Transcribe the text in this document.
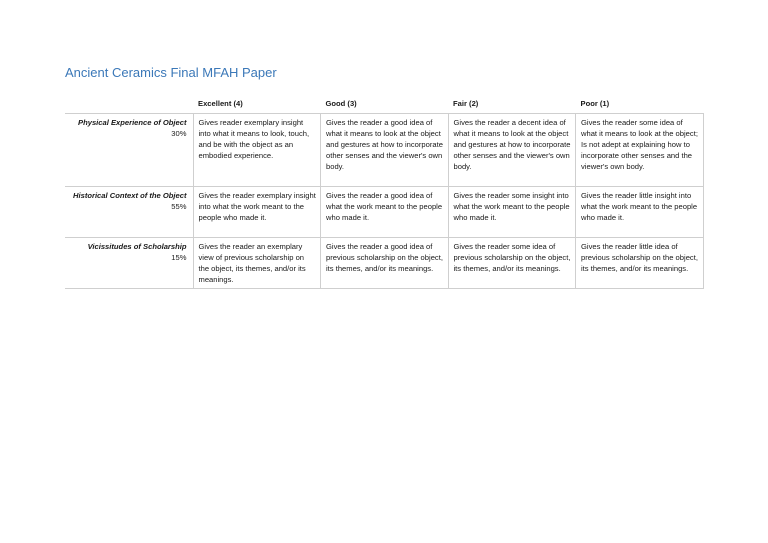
Ancient Ceramics Final MFAH Paper
	Excellent (4)	Good (3)	Fair (2)	Poor (1)

Physical Experience of Object
30%	Gives reader exemplary insight into what it means to look, touch, and be with the object as an embodied experience.	Gives the reader a good idea of what it means to look at the object and gestures at how to incorporate other senses and the viewer's own body.	Gives the reader a decent idea of what it means to look at the object and gestures at how to incorporate other senses and the viewer's own body.	Gives the reader some idea of what it means to look at the object; Is not adept at explaining how to incorporate other senses and the viewer's own body.

Historical Context of the Object
55%	Gives the reader exemplary insight into what the work meant to the people who made it.	Gives the reader a good idea of what the work meant to the people who made it.	Gives the reader some insight into what the work meant to the people who made it.	Gives the reader little insight into what the work meant to the people who made it.

Vicissitudes of Scholarship
15%	Gives the reader an exemplary view of previous scholarship on the object, its themes, and/or its meanings.	Gives the reader a good idea of previous scholarship on the object, its themes, and/or its meanings.	Gives the reader some idea of previous scholarship on the object, its themes, and/or its meanings.	Gives the reader little idea of previous scholarship on the object, its themes, and/or its meanings.
